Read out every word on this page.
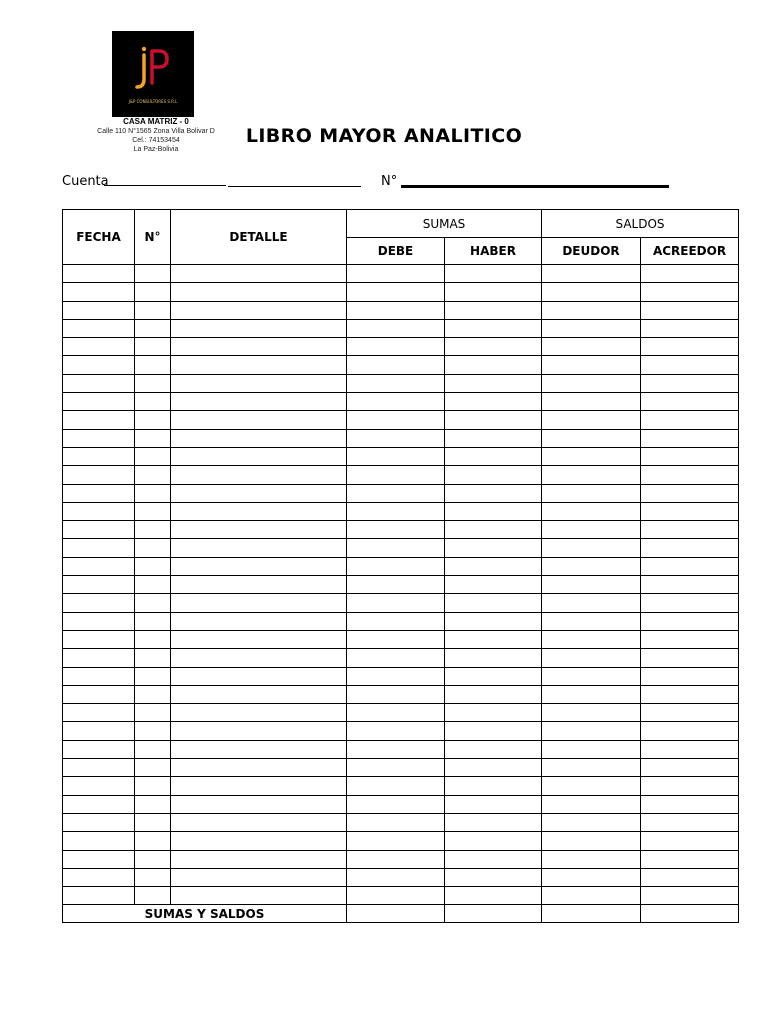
J&P CONSULTORES S.R.L
CASA MATRIZ - 0
Calle 110 N°1565 Zona Villa Bolivar D
Cel.: 74153454
La Paz-Bolivia
LIBRO MAYOR ANALITICO
Cuenta	N°
FECHA	N°	DETALLE	SUMAS		SALDOS	
			DEBE	HABER	DEUDOR	ACREEDOR

SUMAS Y SALDOS						
